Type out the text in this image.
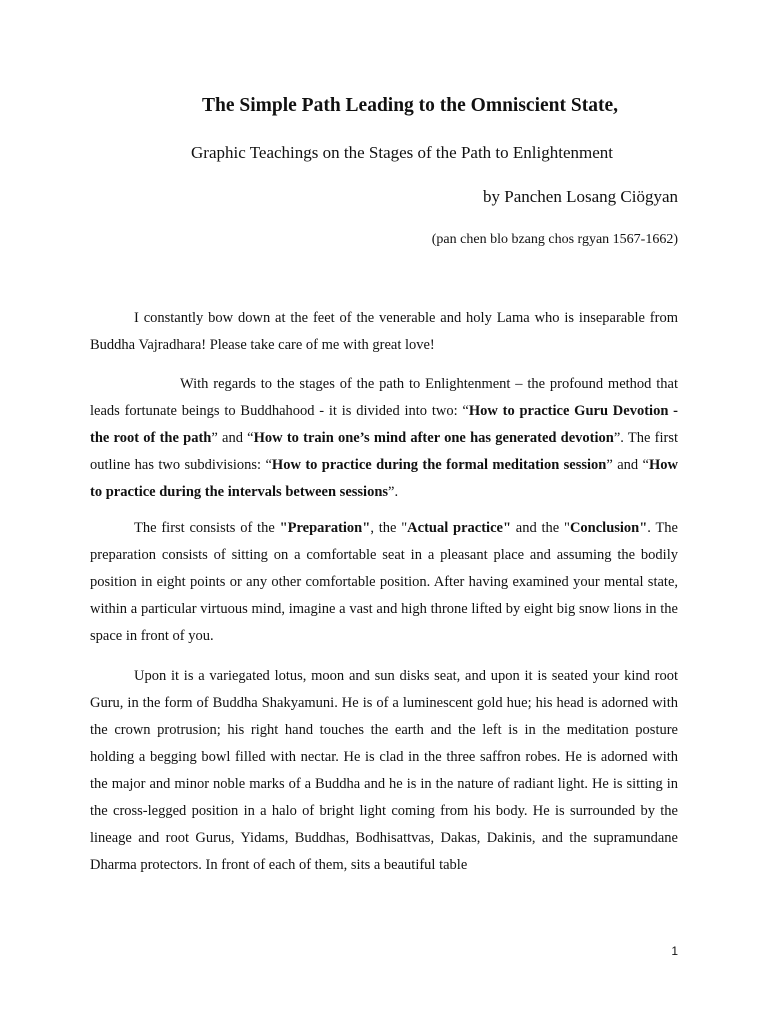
The Simple Path Leading to the Omniscient State,
Graphic Teachings on the Stages of the Path to Enlightenment
by Panchen Losang Ciögyan
(pan chen blo bzang chos rgyan 1567-1662)

I constantly bow down at the feet of the venerable and holy Lama who is inseparable from Buddha Vajradhara! Please take care of me with great love!

With regards to the stages of the path to Enlightenment – the profound method that leads fortunate beings to Buddhahood - it is divided into two: “How to practice Guru Devotion -the root of the path” and “How to train one’s mind after one has generated devotion”. The first outline has two subdivisions: “How to practice during the formal meditation session” and “How to practice during the intervals between sessions”.

The first consists of the "Preparation", the "Actual practice" and the "Conclusion". The preparation consists of sitting on a comfortable seat in a pleasant place and assuming the bodily position in eight points or any other comfortable position. After having examined your mental state, within a particular virtuous mind, imagine a vast and high throne lifted by eight big snow lions in the space in front of you.

Upon it is a variegated lotus, moon and sun disks seat, and upon it is seated your kind root Guru, in the form of Buddha Shakyamuni. He is of a luminescent gold hue; his head is adorned with the crown protrusion; his right hand touches the earth and the left is in the meditation posture holding a begging bowl filled with nectar. He is clad in the three saffron robes. He is adorned with the major and minor noble marks of a Buddha and he is in the nature of radiant light. He is sitting in the cross-legged position in a halo of bright light coming from his body. He is surrounded by the lineage and root Gurus, Yidams, Buddhas, Bodhisattvas, Dakas, Dakinis, and the supramundane Dharma protectors. In front of each of them, sits a beautiful table

1
